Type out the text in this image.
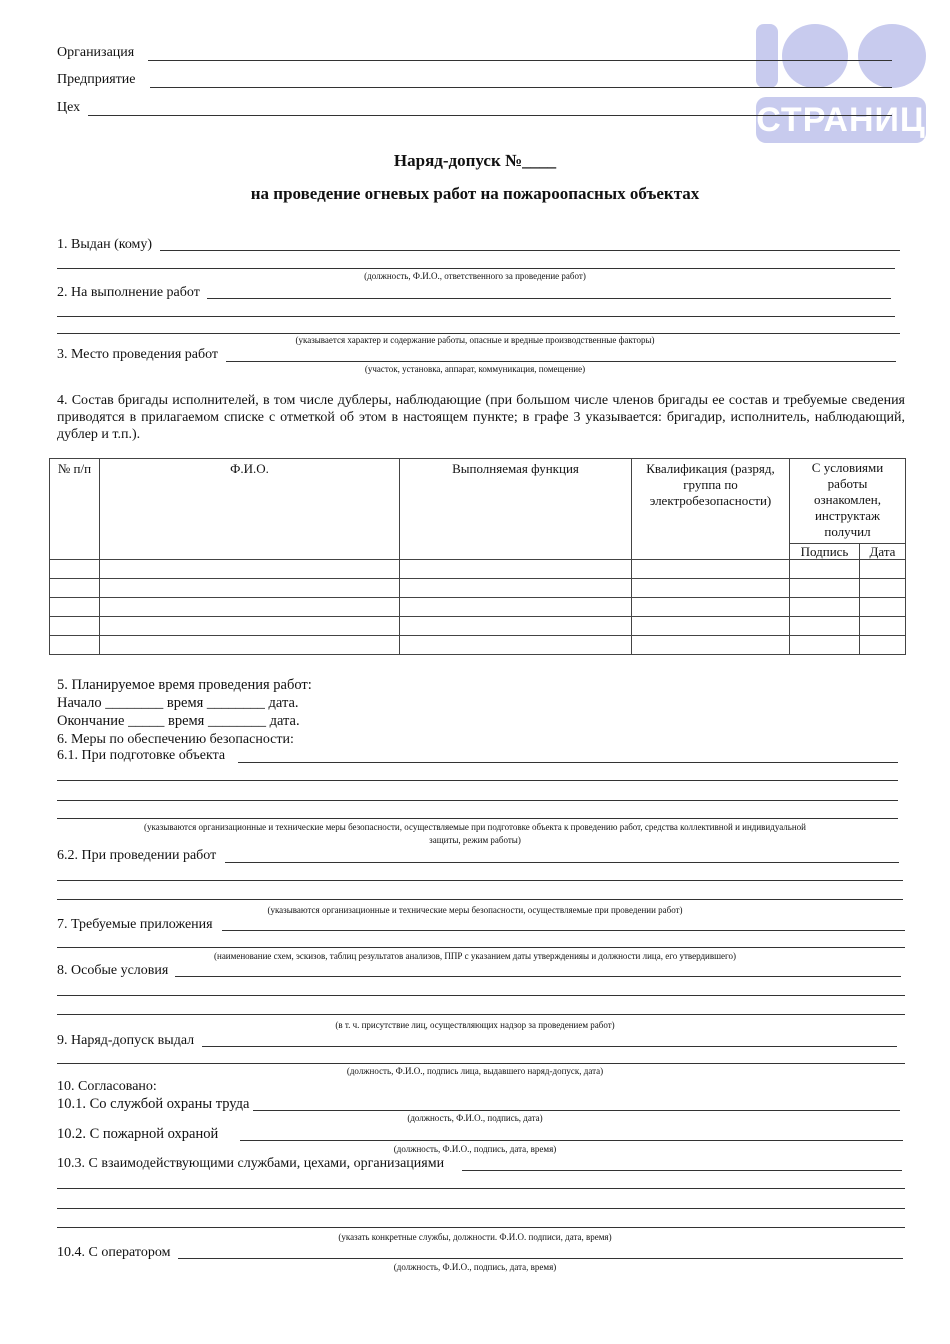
СТРАНИЦ
Организация
Предприятие
Цех
Наряд-допуск №____
на проведение огневых работ на пожароопасных объектах
1. Выдан (кому)
(должность, Ф.И.О., ответственного за проведение работ)
2. На выполнение работ
(указывается характер и содержание работы, опасные и вредные производственные факторы)
3. Место проведения работ
(участок, установка, аппарат, коммуникация, помещение)
4. Состав бригады исполнителей, в том числе дублеры, наблюдающие (при большом числе членов бригады ее состав и требуемые сведения приводятся в прилагаемом списке с отметкой об этом в настоящем пункте; в графе 3 указывается: бригадир, исполнитель, наблюдающий, дублер и т.п.).
№ п/п	Ф.И.О.	Выполняемая функция	Квалификация (разряд, группа по электробезопасности)	С условиями работы ознакомлен, инструктаж получил	
				Подпись	Дата

5. Планируемое время проведения работ:
Начало ________ время ________ дата.
Окончание _____ время ________ дата.
6. Меры по обеспечению безопасности:
6.1. При подготовке объекта
(указываются организационные и технические меры безопасности, осуществляемые при подготовке объекта к проведению работ, средства коллективной и индивидуальной
защиты, режим работы)
6.2. При проведении работ
(указываются организационные и технические меры безопасности, осуществляемые при проведении работ)
7. Требуемые приложения
(наименование схем, эскизов, таблиц результатов анализов, ППР с указанием даты утвержденияы и должности лица, его утвердившего)
8. Особые условия
(в т. ч. присутствие лиц, осуществляющих надзор за проведением работ)
9. Наряд-допуск выдал
(должность, Ф.И.О., подпись лица, выдавшего наряд-допуск, дата)
10. Согласовано:
10.1. Со службой охраны труда
(должность, Ф.И.О., подпись, дата)
10.2. С пожарной охраной
(должность, Ф.И.О., подпись, дата, время)
10.3. С взаимодействующими службами, цехами, организациями
(указать конкретные службы, должности. Ф.И.О. подписи, дата, время)
10.4. С оператором
(должность, Ф.И.О., подпись, дата, время)
